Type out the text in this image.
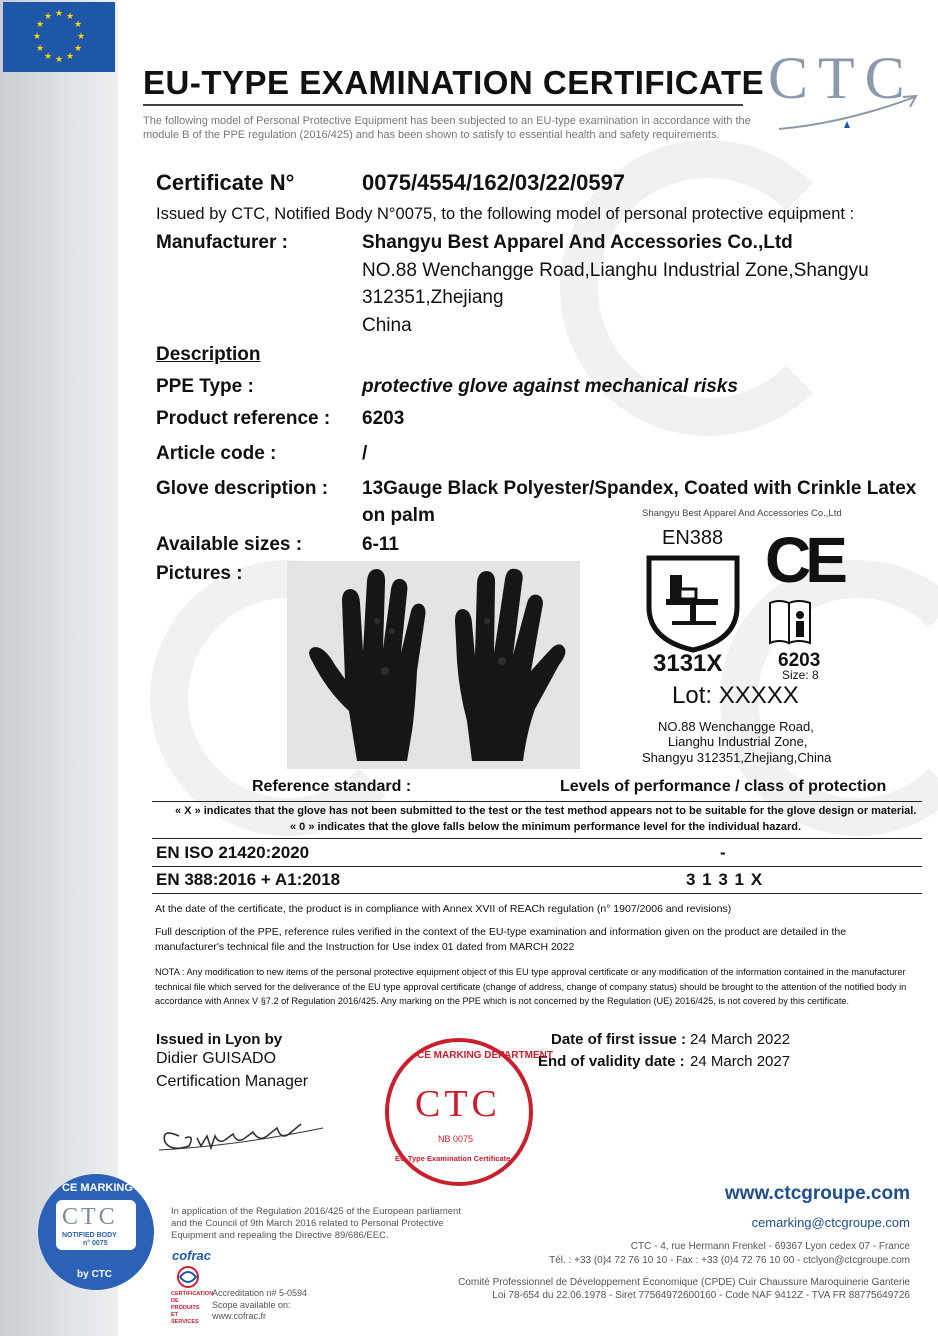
★ ★
★
★
★
★
★
★
★
★
★
★
EU-TYPE EXAMINATION CERTIFICATE
The following model of Personal Protective Equipment has been subjected to an EU-type examination in accordance with the module B of the PPE regulation (2016/425) and has been shown to satisfy to essential health and safety requirements.
CTC
Certificate N°	0075/4554/162/03/22/0597
Issued by CTC, Notified Body N°0075, to the following model of personal protective equipment :
Manufacturer :	Shangyu Best Apparel And Accessories Co.,Ltd
NO.88 Wenchangge Road,Lianghu Industrial Zone,Shangyu
312351,Zhejiang
China
Description
PPE Type :	protective glove against mechanical risks
Product reference : 6203
Article code :	/
Glove description : 13Gauge Black Polyester/Spandex, Coated with Crinkle Latex
on palm
Available sizes :	6-11
Pictures :
Shangyu Best Apparel And Accessories Co.,Ltd
EN388 CE
3131X	6203
Size: 8
Lot: XXXXX
NO.88 Wenchangge Road,
Lianghu Industrial Zone,
Shangyu 312351,Zhejiang,China
Reference standard :	Levels of performance / class of protection
« X » indicates that the glove has not been submitted to the test or the test method appears not to be suitable for the glove design or material.
« 0 » indicates that the glove falls below the minimum performance level for the individual hazard.
EN ISO 21420:2020	-
EN 388:2016 + A1:2018	3 1 3 1 X
At the date of the certificate, the product is in compliance with Annex XVII of REACh regulation (n° 1907/2006 and revisions)
Full description of the PPE, reference rules verified in the context of the EU-type examination and information given on the product are detailed in the manufacturer's technical file and the Instruction for Use index 01 dated from MARCH 2022
NOTA : Any modification to new items of the personal protective equipment object of this EU type approval certificate or any modification of the information contained in the manufacturer technical file which served for the deliverance of the EU type approval certificate (change of address, change of company status) should be brought to the attention of the notified body in accordance with Annex V §7.2 of Regulation 2016/425. Any marking on the PPE which is not concerned by the Regulation (UE) 2016/425, is not covered by this certificate.
Issued in Lyon by
Didier GUISADO
Certification Manager
Date of first issue : 24 March 2022
End of validity date : 24 March 2027
CE MARKING DEPARTMENT
CTC
NB 0075
EU-Type Examination Certificate
CE MARKING
CTC
NOTIFIED BODY
n° 0075
by CTC
In application of the Regulation 2016/425 of the European parliament and the Council of 9th March 2016 related to Personal Protective Equipment and repealing the Directive 89/686/EEC.
cofrac
CERTIFICATION DE PRODUITS ET SERVICES
Accreditation n# 5-0594
Scope available on:
www.cofrac.fr
www.ctcgroupe.com
cemarking@ctcgroupe.com
CTC - 4, rue Hermann Frenkel - 69367 Lyon cedex 07 - France
Tél. : +33 (0)4 72 76 10 10 - Fax : +33 (0)4 72 76 10 00 - ctclyon@ctcgroupe.com
Comité Professionnel de Développement Économique (CPDE) Cuir Chaussure Maroquinerie Ganterie
Loi 78-654 du 22.06.1978 - Siret 77564972600160 - Code NAF 9412Z - TVA FR 88775649726
